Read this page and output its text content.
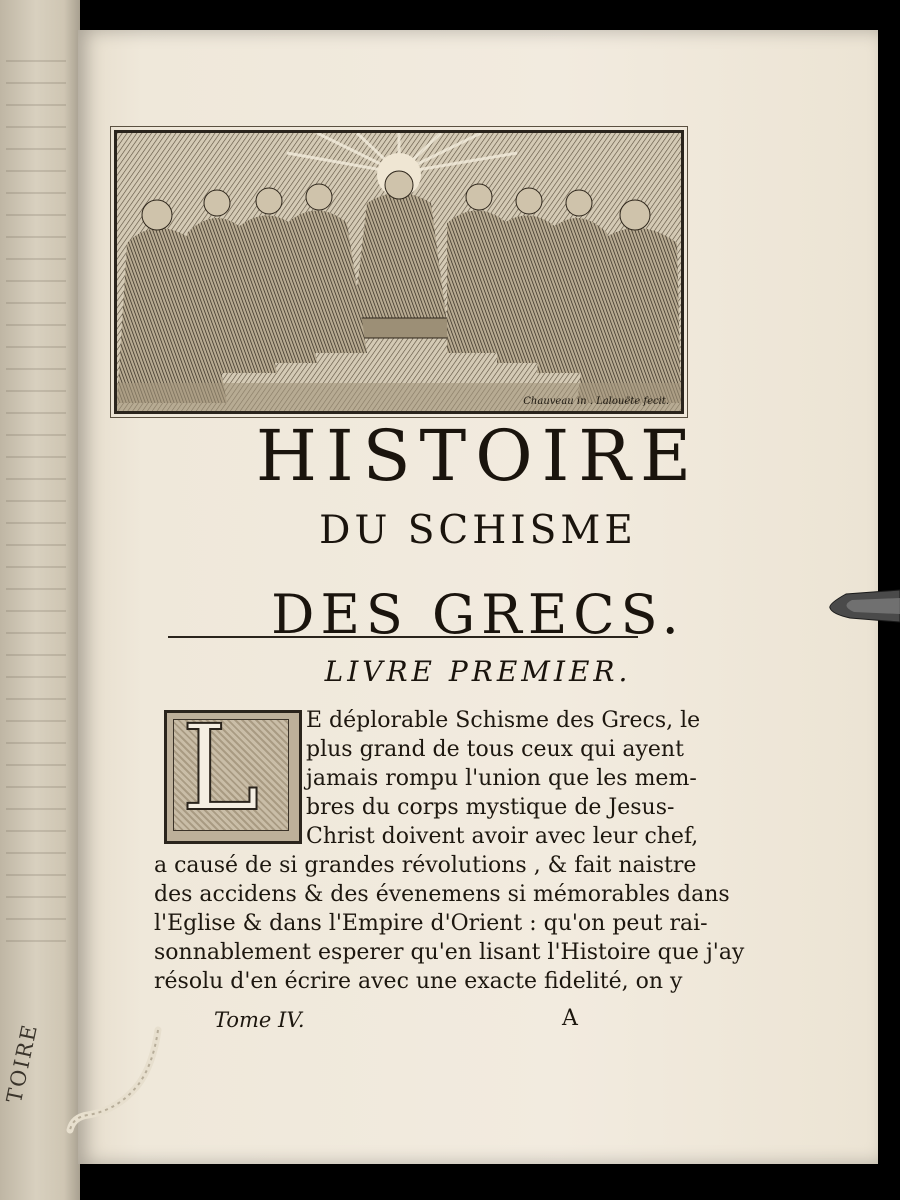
TOIRE
Chauveau in . Lalouëte fecit.
HISTOIRE
DU SCHISME
DES GRECS.
LIVRE PREMIER.
L E déplorable Schisme des Grecs, le
plus grand de tous ceux qui ayent
jamais rompu l'union que les mem-
bres du corps mystique de Jesus-
Christ doivent avoir avec leur chef,
a causé de si grandes révolutions , & fait naistre
des accidens & des évenemens si mémorables dans
l'Eglise & dans l'Empire d'Orient : qu'on peut rai-
sonnablement esperer qu'en lisant l'Histoire que j'ay
résolu d'en écrire avec une exacte fidelité, on y
Tome IV.	A
